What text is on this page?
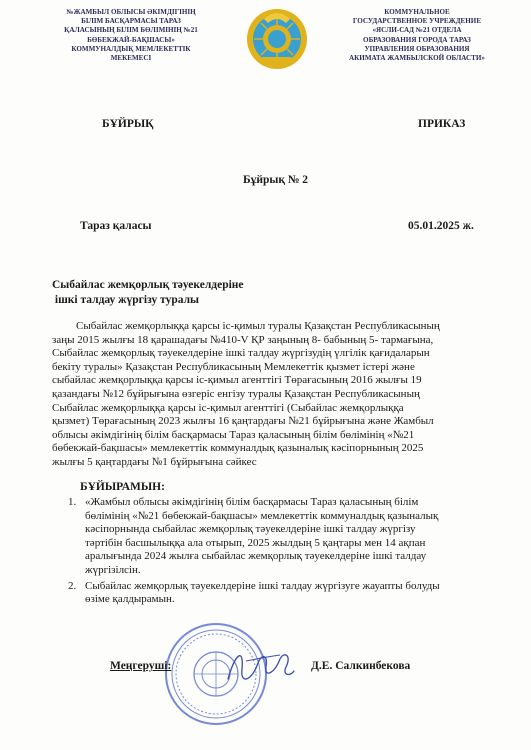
№ЖАМБЫЛ ОБЛЫСЫ ӘКІМДІГІНІҢ
БІЛІМ БАСҚАРМАСЫ ТАРАЗ
ҚАЛАСЫНЫҢ БІЛІМ БӨЛІМІНІҢ №21
БӨБЕКЖАЙ-БАҚШАСЫ»
КОММУНАЛДЫҚ МЕМЛЕКЕТТІК
МЕКЕМЕСІ
КОММУНАЛЬНОЕ
ГОСУДАРСТВЕННОЕ УЧРЕЖДЕНИЕ
«ЯСЛИ-САД №21 ОТДЕЛА
ОБРАЗОВАНИЯ ГОРОДА ТАРАЗ
УПРАВЛЕНИЯ ОБРАЗОВАНИЯ
АКИМАТА ЖАМБЫЛСКОЙ ОБЛАСТИ»
БҰЙРЫҚ	ПРИКАЗ
Бұйрық № 2
Тараз қаласы	05.01.2025 ж.
Сыбайлас жемқорлық тәуекелдеріне
ішкі талдау жүргізу туралы
Сыбайлас жемқорлыққа қарсы іс-қимыл туралы Қазақстан Республикасының
заңы 2015 жылғы 18 қарашадағы №410-V ҚР заңының 8- бабының 5- тармағына,
Сыбайлас жемқорлық тәуекелдеріне ішкі талдау жүргізудің үлгілік қағидаларын
бекіту туралы» Қазақстан Республикасының Мемлекеттік қызмет істері және
сыбайлас жемқорлыққа қарсы іс-қимыл агенттігі Төрағасының 2016 жылғы 19
қазандағы №12 бұйрығына өзгеріс енгізу туралы Қазақстан Республикасының
Сыбайлас жемқорлыққа қарсы іс-қимыл агенттігі (Сыбайлас жемқорлыққа
қызмет) Төрағасының 2023 жылғы 16 қаңтардағы №21 бұйрығына және Жамбыл
облысы әкімдігінің білім басқармасы Тараз қаласының білім бөлімінің «№21
бөбекжай-бақшасы» мемлекеттік коммуналдық қазыналық кәсіпорнының 2025
жылғы 5 қаңтардағы №1 бұйрығына сәйкес
БҰЙЫРАМЫН:
1. «Жамбыл облысы әкімдігінің білім басқармасы Тараз қаласының білім
бөлімінің «№21 бөбекжай-бақшасы» мемлекеттік коммуналдық қазыналық
кәсіпорнында сыбайлас жемқорлық тәуекелдеріне ішкі талдау жүргізу
тәртібін басшылыққа ала отырып, 2025 жылдың 5 қаңтары мен 14 ақпан
аралығында 2024 жылға сыбайлас жемқорлық тәуекелдеріне ішкі талдау
жүргізілсін.
2. Сыбайлас жемқорлық тәуекелдеріне ішкі талдау жүргізуге жауапты болуды
өзіме қалдырамын.
Меңгеруші:	Д.Е. Салкинбекова
